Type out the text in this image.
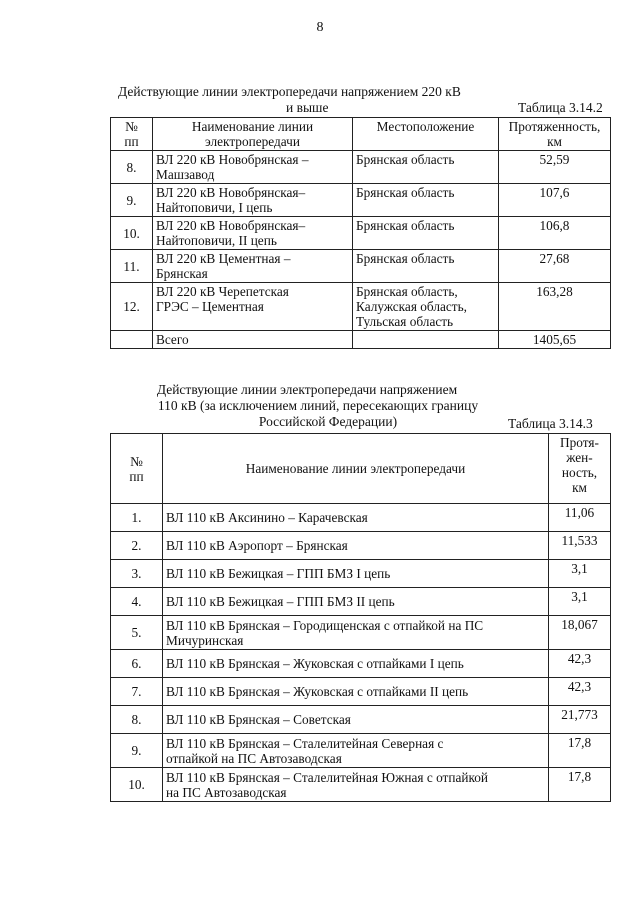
8
Действующие линии электропередачи напряжением 220 кВ
и выше	Таблица 3.14.2
№
пп	Наименование линии
электропередачи	Местоположение	Протяженность,
км
8.	ВЛ 220 кВ Новобрянская –
Машзавод	Брянская область	52,59
9.	ВЛ 220 кВ Новобрянская–
Найтоповичи, I цепь	Брянская область	107,6
10.	ВЛ 220 кВ Новобрянская–
Найтоповичи, II цепь	Брянская область	106,8
11.	ВЛ 220 кВ Цементная –
Брянская	Брянская область	27,68
12.	ВЛ 220 кВ Черепетская
ГРЭС – Цементная	Брянская область,
Калужская область,
Тульская область	163,28
	Всего		1405,65
Действующие линии электропередачи напряжением
110 кВ (за исключением линий, пересекающих границу
Российской Федерации)	Таблица 3.14.3
№
пп	Наименование линии электропередачи	Протя-
жен-
ность,
км
1.	ВЛ 110 кВ Аксинино – Карачевская	11,06
2.	ВЛ 110 кВ Аэропорт – Брянская	11,533
3.	ВЛ 110 кВ Бежицкая – ГПП БМЗ I цепь	3,1
4.	ВЛ 110 кВ Бежицкая – ГПП БМЗ II цепь	3,1
5.	ВЛ 110 кВ Брянская – Городищенская с отпайкой на ПС
Мичуринская	18,067
6.	ВЛ 110 кВ Брянская – Жуковская с отпайками I цепь	42,3
7.	ВЛ 110 кВ Брянская – Жуковская с отпайками II цепь	42,3
8.	ВЛ 110 кВ Брянская – Советская	21,773
9.	ВЛ 110 кВ Брянская – Сталелитейная Северная с
отпайкой на ПС Автозаводская	17,8
10.	ВЛ 110 кВ Брянская – Сталелитейная Южная с отпайкой
на ПС Автозаводская	17,8
